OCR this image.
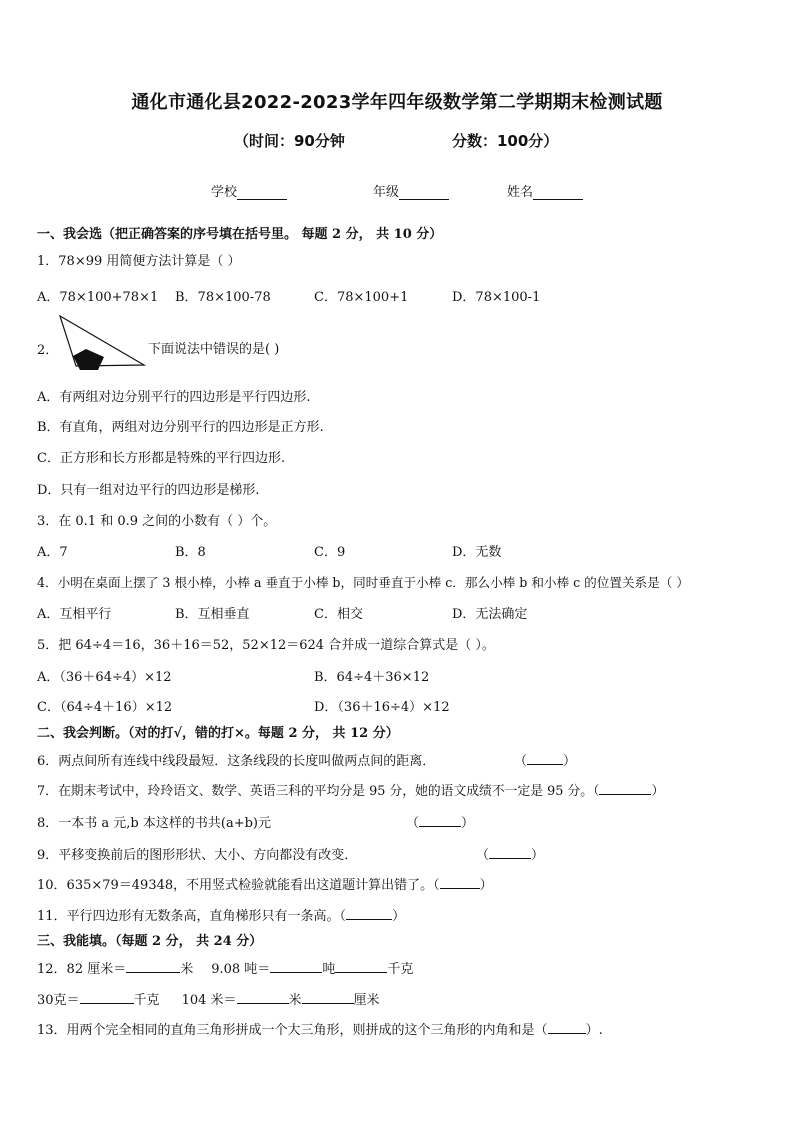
通化市通化县2022-2023学年四年级数学第二学期期末检测试题
（时间：90分钟	分数：100分）
学校	年级	姓名
一、我会选（把正确答案的序号填在括号里。 每题 2 分， 共 10 分）
1．78×99 用简便方法计算是（ ）
A．78×100+78×1 B．78×100-78	C．78×100+1	D．78×100-1
2．	下面说法中错误的是( )
A．有两组对边分别平行的四边形是平行四边形.
B．有直角，两组对边分别平行的四边形是正方形.
C．正方形和长方形都是特殊的平行四边形.
D．只有一组对边平行的四边形是梯形.
3．在 0.1 和 0.9 之间的小数有（ ）个。
A．7	B．8	C．9	D．无数
4．小明在桌面上摆了 3 根小棒，小棒 a 垂直于小棒 b，同时垂直于小棒 c．那么小棒 b 和小棒 c 的位置关系是（ ）
A．互相平行	B．互相垂直	C．相交	D．无法确定
5．把 64÷4＝16，36＋16＝52，52×12＝624 合并成一道综合算式是（ ）。
A．（36＋64÷4）×12	B．64÷4＋36×12
C．（64÷4＋16）×12	D．（36＋16÷4）×12
二、我会判断。（对的打√，错的打×。每题 2 分， 共 12 分）
6．两点间所有连线中线段最短．这条线段的长度叫做两点间的距离．	（	）
7．在期末考试中，玲玲语文、数学、英语三科的平均分是 95 分，她的语文成绩不一定是 95 分。（	）
8．一本书 a 元,b 本这样的书共(a+b)元	（	）
9．平移变换前后的图形形状、大小、方向都没有改变．	（	）
10．635×79＝49348，不用竖式检验就能看出这道题计算出错了。（	）
11．平行四边形有无数条高，直角梯形只有一条高。（	）
三、我能填。（每题 2 分， 共 24 分）
12．82 厘米＝	米 9.08 吨＝	吨	千克
30克＝	千克 104 米＝	米	厘米
13．用两个完全相同的直角三角形拼成一个大三角形，则拼成的这个三角形的内角和是（	）.
